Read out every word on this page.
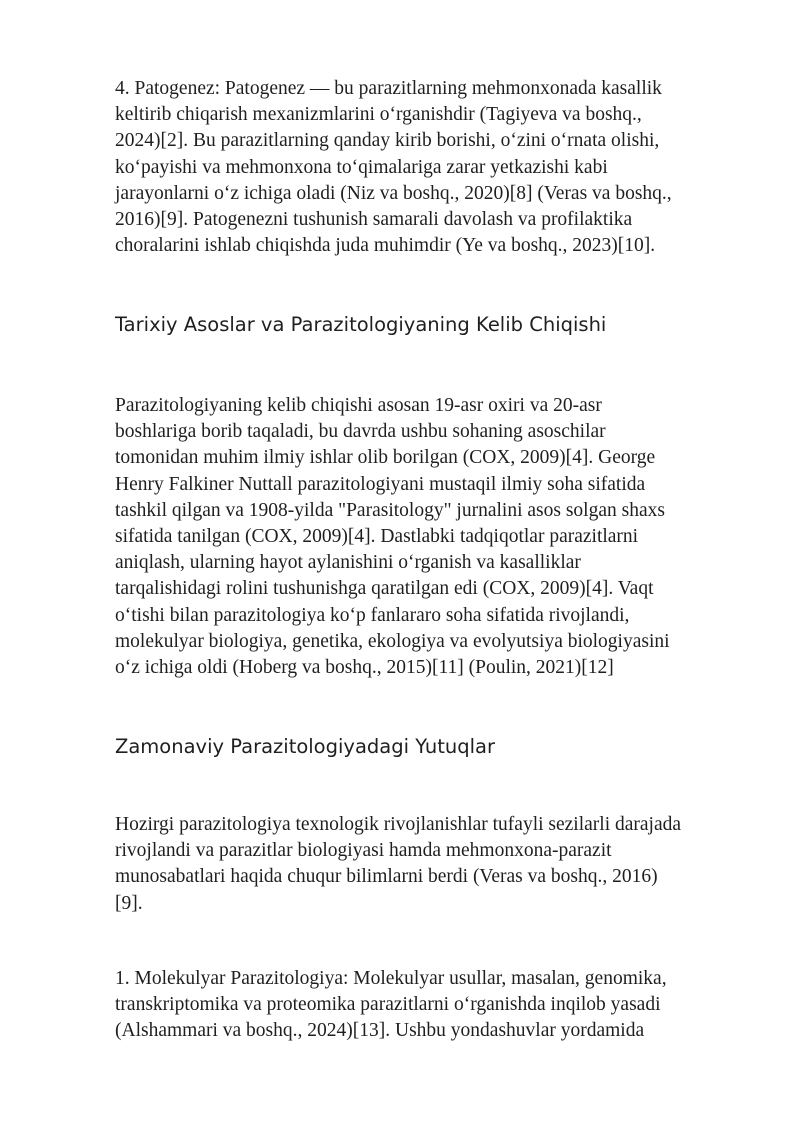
4. Patogenez: Patogenez — bu parazitlarning mehmonxonada kasallik
keltirib chiqarish mexanizmlarini oʻrganishdir (Tagiyeva va boshq.,
2024)[2]. Bu parazitlarning qanday kirib borishi, oʻzini oʻrnata olishi,
koʻpayishi va mehmonxona toʻqimalariga zarar yetkazishi kabi
jarayonlarni oʻz ichiga oladi (Niz va boshq., 2020)[8] (Veras va boshq.,
2016)[9]. Patogenezni tushunish samarali davolash va profilaktika
choralarini ishlab chiqishda juda muhimdir (Ye va boshq., 2023)[10].

Tarixiy Asoslar va Parazitologiyaning Kelib Chiqishi

Parazitologiyaning kelib chiqishi asosan 19-asr oxiri va 20-asr
boshlariga borib taqaladi, bu davrda ushbu sohaning asoschilar
tomonidan muhim ilmiy ishlar olib borilgan (COX, 2009)[4]. George
Henry Falkiner Nuttall parazitologiyani mustaqil ilmiy soha sifatida
tashkil qilgan va 1908-yilda "Parasitology" jurnalini asos solgan shaxs
sifatida tanilgan (COX, 2009)[4]. Dastlabki tadqiqotlar parazitlarni
aniqlash, ularning hayot aylanishini oʻrganish va kasalliklar
tarqalishidagi rolini tushunishga qaratilgan edi (COX, 2009)[4]. Vaqt
oʻtishi bilan parazitologiya koʻp fanlararo soha sifatida rivojlandi,
molekulyar biologiya, genetika, ekologiya va evolyutsiya biologiyasini
oʻz ichiga oldi (Hoberg va boshq., 2015)[11] (Poulin, 2021)[12]

Zamonaviy Parazitologiyadagi Yutuqlar

Hozirgi parazitologiya texnologik rivojlanishlar tufayli sezilarli darajada
rivojlandi va parazitlar biologiyasi hamda mehmonxona-parazit
munosabatlari haqida chuqur bilimlarni berdi (Veras va boshq., 2016)
[9].

1. Molekulyar Parazitologiya: Molekulyar usullar, masalan, genomika,
transkriptomika va proteomika parazitlarni oʻrganishda inqilob yasadi
(Alshammari va boshq., 2024)[13]. Ushbu yondashuvlar yordamida
